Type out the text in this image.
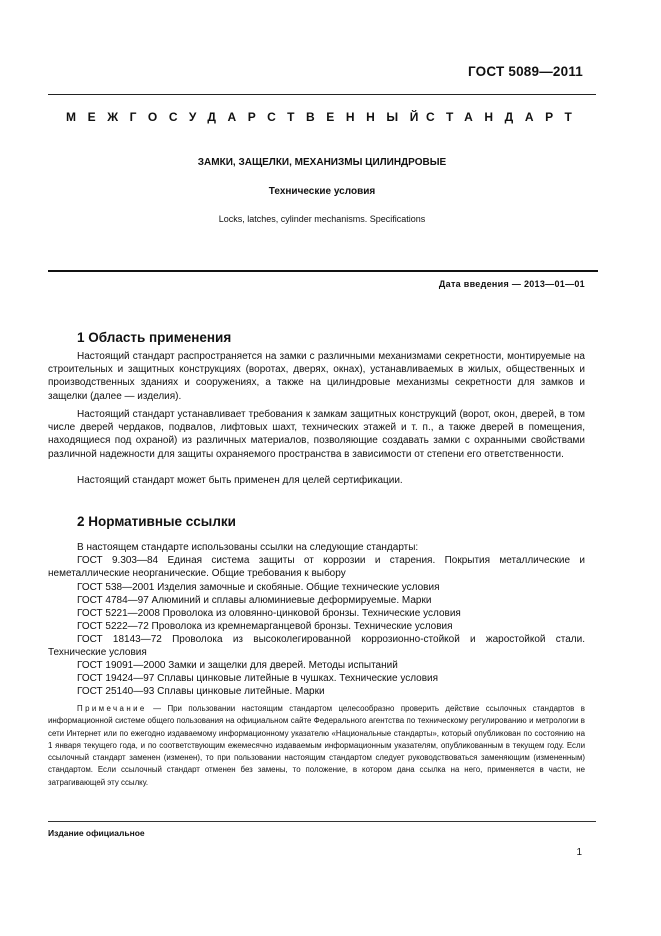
ГОСТ 5089—2011
МЕЖГОСУДАРСТВЕННЫЙ
СТАНДАРТ
ЗАМКИ, ЗАЩЕЛКИ, МЕХАНИЗМЫ ЦИЛИНДРОВЫЕ
Технические условия
Locks, latches, cylinder mechanisms. Specifications
Дата введения — 2013—01—01
1 Область применения

Настоящий стандарт распространяется на замки с различными механизмами секретности, монтируемые на строительных и защитных конструкциях (воротах, дверях, окнах), устанавливаемых в жилых, общественных и производственных зданиях и сооружениях, а также на цилиндровые механизмы секретности для замков и защелки (далее — изделия).

Настоящий стандарт устанавливает требования к замкам защитных конструкций (ворот, окон, дверей, в том числе дверей чердаков, подвалов, лифтовых шахт, технических этажей и т. п., а также дверей в помещения, находящиеся под охраной) из различных материалов, позволяющие создавать замки с охранными свойствами различной надежности для защиты охраняемого пространства в зависимости от степени его ответственности.

Настоящий стандарт может быть применен для целей сертификации.

2 Нормативные ссылки

В настоящем стандарте использованы ссылки на следующие стандарты:

ГОСТ 9.303—84 Единая система защиты от коррозии и старения. Покрытия металлические и неметаллические неорганические. Общие требования к выбору

ГОСТ 538—2001 Изделия замочные и скобяные. Общие технические условия

ГОСТ 4784—97 Алюминий и сплавы алюминиевые деформируемые. Марки

ГОСТ 5221—2008 Проволока из оловянно-цинковой бронзы. Технические условия

ГОСТ 5222—72 Проволока из кремнемарганцевой бронзы. Технические условия

ГОСТ 18143—72 Проволока из высоколегированной коррозионно-стойкой и жаростойкой стали. Технические условия

ГОСТ 19091—2000 Замки и защелки для дверей. Методы испытаний

ГОСТ 19424—97 Сплавы цинковые литейные в чушках. Технические условия

ГОСТ 25140—93 Сплавы цинковые литейные. Марки

Примечание — При пользовании настоящим стандартом целесообразно проверить действие ссылочных стандартов в информационной системе общего пользования на официальном сайте Федерального агентства по техническому регулированию и метрологии в сети Интернет или по ежегодно издаваемому информационному указателю «Национальные стандарты», который опубликован по состоянию на 1 января текущего года, и по соответствующим ежемесячно издаваемым информационным указателям, опубликованным в текущем году. Если ссылочный стандарт заменен (изменен), то при пользовании настоящим стандартом следует руководствоваться заменяющим (измененным) стандартом. Если ссылочный стандарт отменен без замены, то положение, в котором дана ссылка на него, применяется в части, не затрагивающей эту ссылку.

Издание официальное
1
